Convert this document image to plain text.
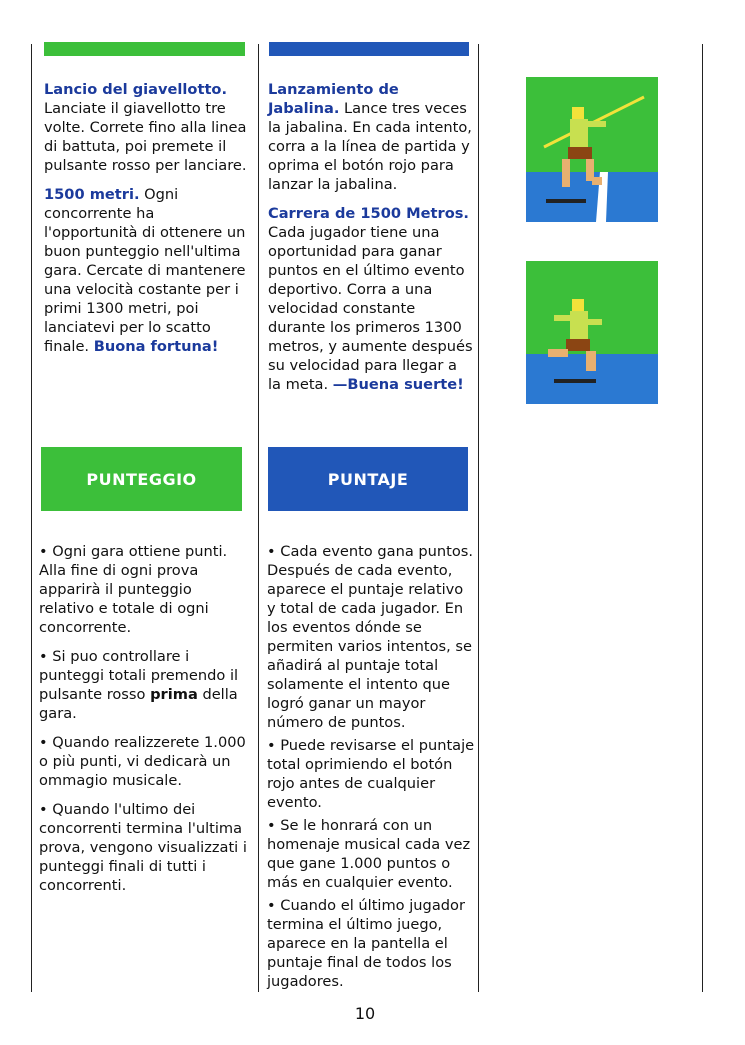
Lancio del giavellotto.
Lanciate il giavellotto tre volte. Correte fino alla linea di battuta, poi premete il pulsante rosso per lanciare.

1500 metri. Ogni concorrente ha l'opportunità di ottenere un buon punteggio nell'ultima gara. Cercate di mantenere una velocità costante per i primi 1300 metri, poi lanciatevi per lo scatto finale. Buona fortuna!

Lanzamiento de Jabalina. Lance tres veces la jabalina. En cada intento, corra a la línea de partida y oprima el botón rojo para lanzar la jabalina.

Carrera de 1500 Metros. Cada jugador tiene una oportunidad para ganar puntos en el último evento deportivo. Corra a una velocidad constante durante los primeros 1300 metros, y aumente después su velocidad para llegar a la meta. —Buena suerte!

PUNTEGGIO	PUNTAJE

• Ogni gara ottiene punti. Alla fine di ogni prova apparirà il punteggio relativo e totale di ogni concorrente.

• Si puo controllare i punteggi totali premendo il pulsante rosso prima della gara.

• Quando realizzerete 1.000 o più punti, vi dedicarà un ommagio musicale.

• Quando l'ultimo dei concorrenti termina l'ultima prova, vengono visualizzati i punteggi finali di tutti i concorrenti.

• Cada evento gana puntos. Después de cada evento, aparece el puntaje relativo y total de cada jugador. En los eventos dónde se permiten varios intentos, se añadirá al puntaje total solamente el intento que logró ganar un mayor número de puntos.

• Puede revisarse el puntaje total oprimiendo el botón rojo antes de cualquier evento.

• Se le honrará con un homenaje musical cada vez que gane 1.000 puntos o más en cualquier evento.

• Cuando el último jugador termina el último juego, aparece en la pantella el puntaje final de todos los jugadores.

10
